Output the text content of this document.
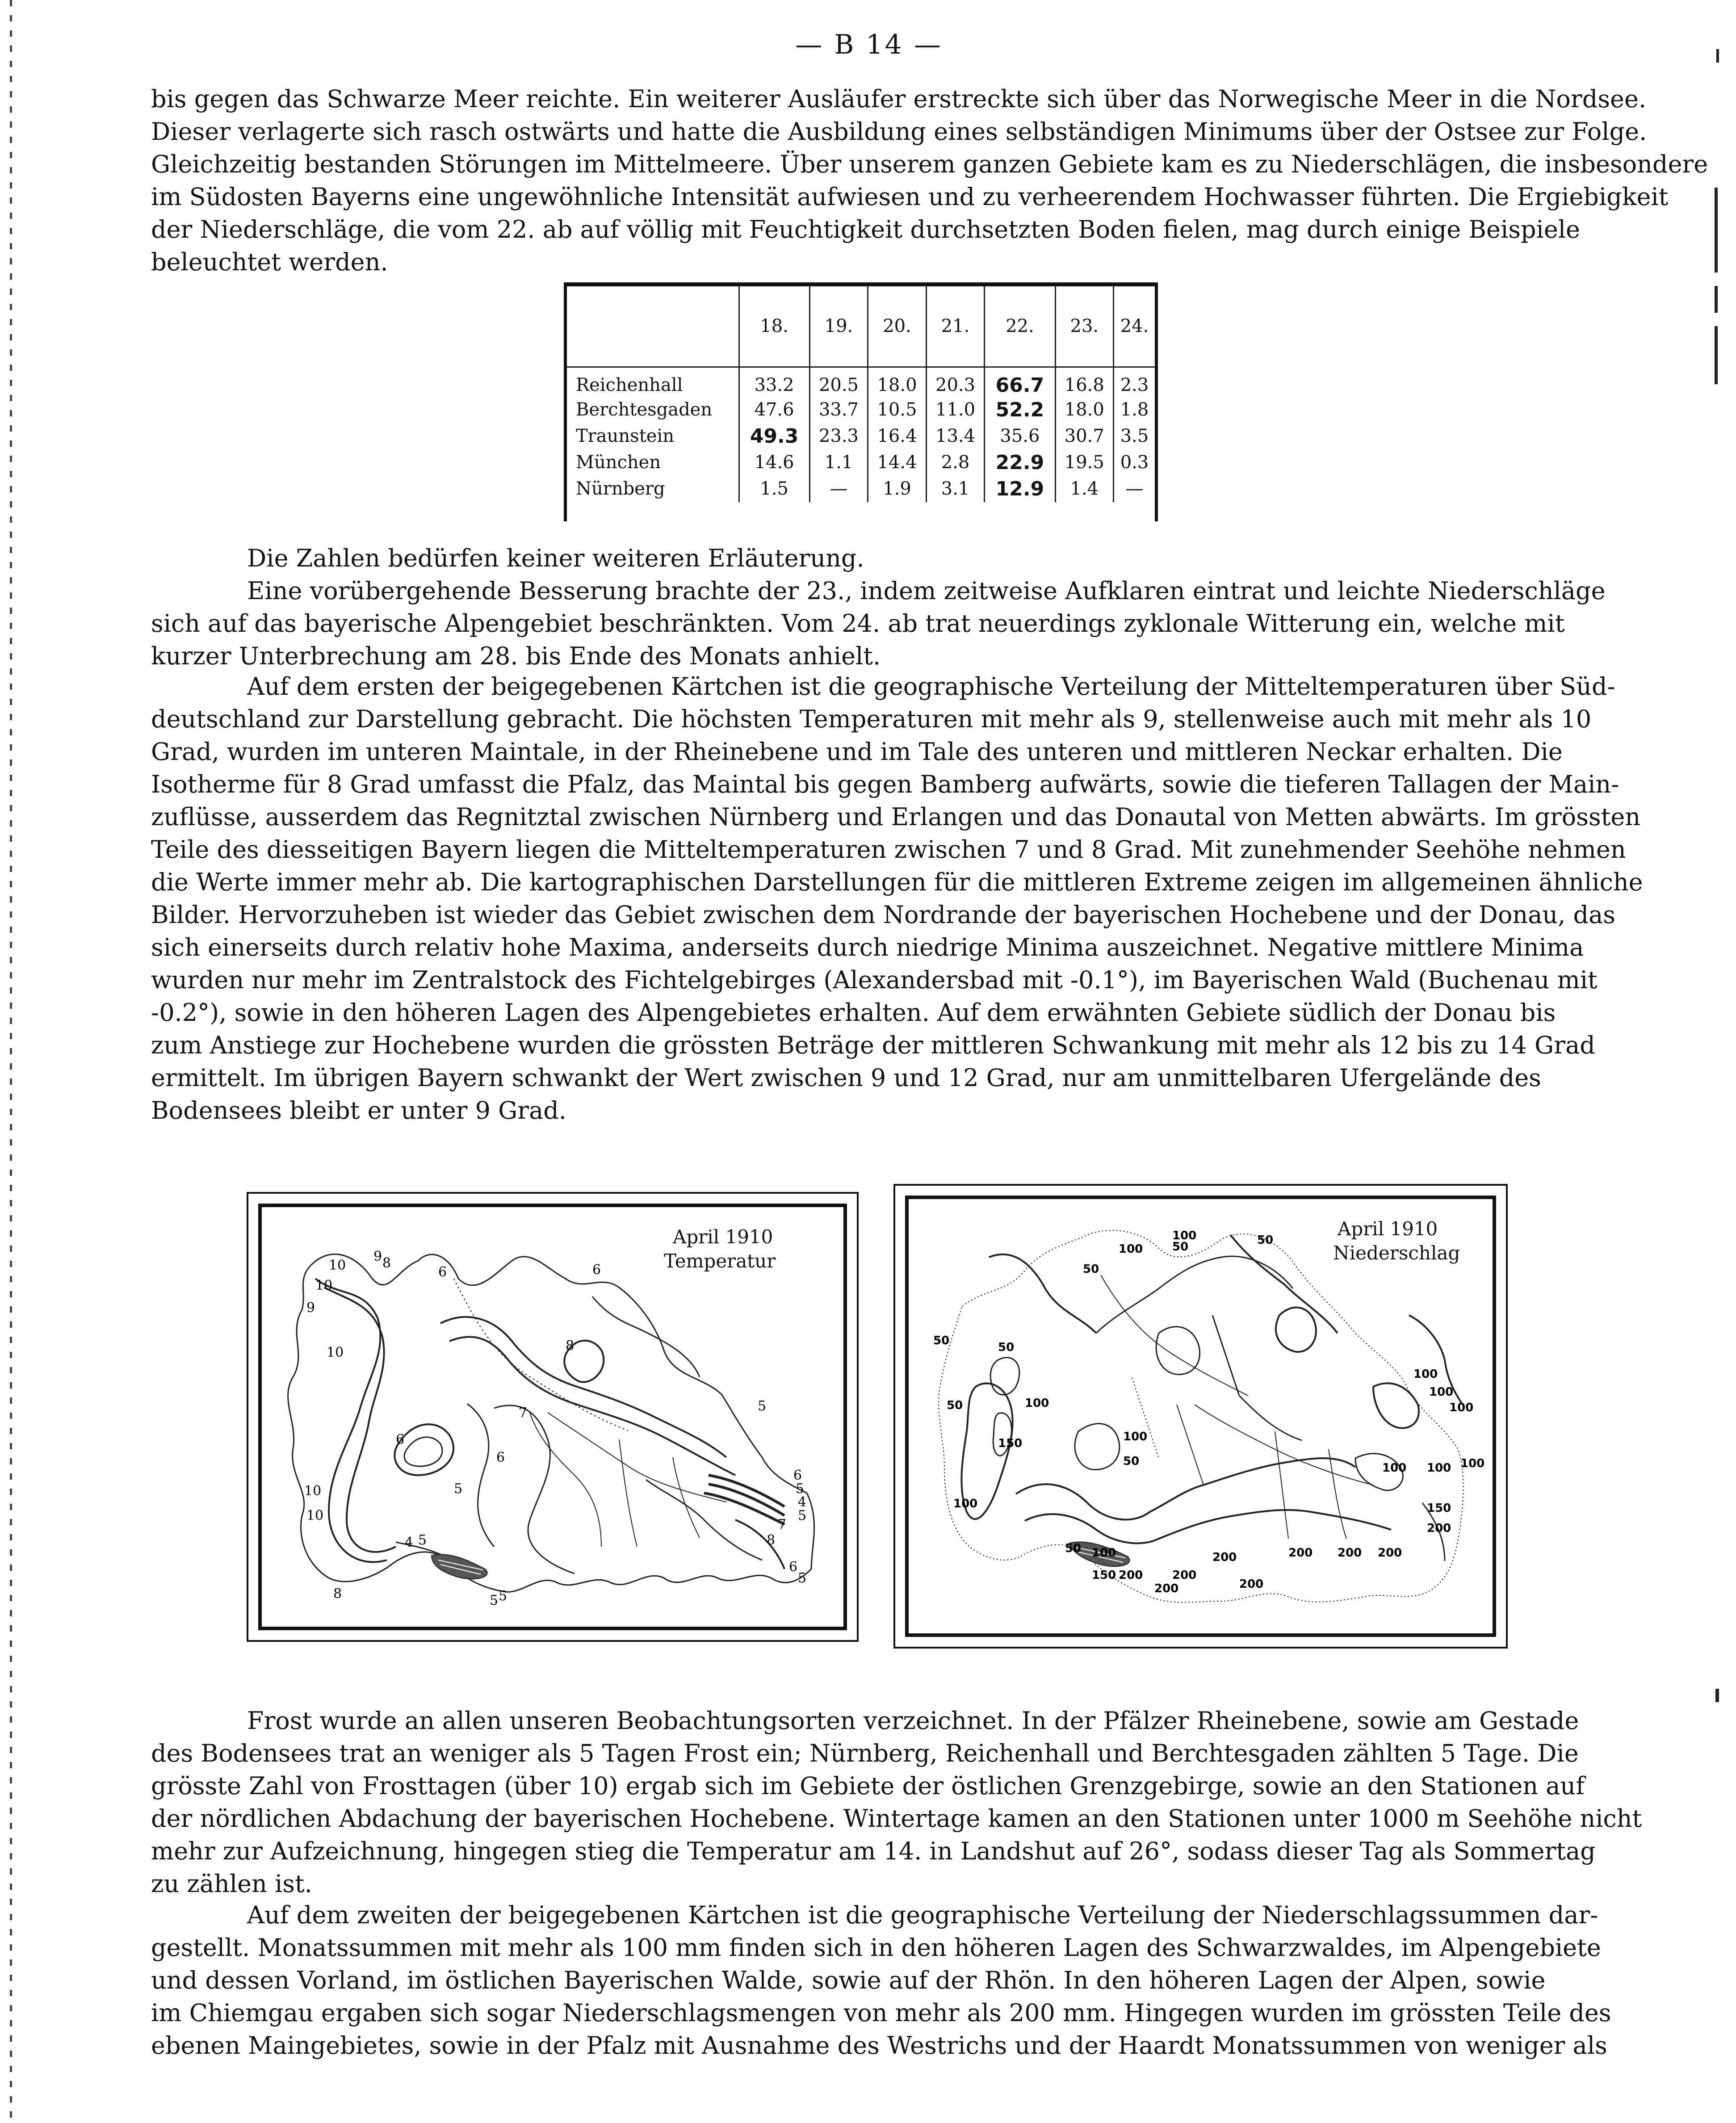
— B 14 —
bis gegen das Schwarze Meer reichte. Ein weiterer Ausläufer erstreckte sich über das Norwegische Meer in die Nordsee.
Dieser verlagerte sich rasch ostwärts und hatte die Ausbildung eines selbständigen Minimums über der Ostsee zur Folge.
Gleichzeitig bestanden Störungen im Mittelmeere. Über unserem ganzen Gebiete kam es zu Niederschlägen, die insbesondere
im Südosten Bayerns eine ungewöhnliche Intensität aufwiesen und zu verheerendem Hochwasser führten. Die Ergiebigkeit
der Niederschläge, die vom 22. ab auf völlig mit Feuchtigkeit durchsetzten Boden fielen, mag durch einige Beispiele
beleuchtet werden.
	18.	19.	20.	21.	22.	23.	24.
Reichenhall	33.2	20.5	18.0	20.3	66.7	16.8	2.3
Berchtesgaden	47.6	33.7	10.5	11.0	52.2	18.0	1.8
Traunstein	49.3	23.3	16.4	13.4	35.6	30.7	3.5
München	14.6	1.1	14.4	2.8	22.9	19.5	0.3
Nürnberg	1.5	—	1.9	3.1	12.9	1.4	—
Die Zahlen bedürfen keiner weiteren Erläuterung.
Eine vorübergehende Besserung brachte der 23., indem zeitweise Aufklaren eintrat und leichte Niederschläge
sich auf das bayerische Alpengebiet beschränkten. Vom 24. ab trat neuerdings zyklonale Witterung ein, welche mit
kurzer Unterbrechung am 28. bis Ende des Monats anhielt.
Auf dem ersten der beigegebenen Kärtchen ist die geographische Verteilung der Mitteltemperaturen über Süd-
deutschland zur Darstellung gebracht. Die höchsten Temperaturen mit mehr als 9, stellenweise auch mit mehr als 10
Grad, wurden im unteren Maintale, in der Rheinebene und im Tale des unteren und mittleren Neckar erhalten. Die
Isotherme für 8 Grad umfasst die Pfalz, das Maintal bis gegen Bamberg aufwärts, sowie die tieferen Tallagen der Main-
zuflüsse, ausserdem das Regnitztal zwischen Nürnberg und Erlangen und das Donautal von Metten abwärts. Im grössten
Teile des diesseitigen Bayern liegen die Mitteltemperaturen zwischen 7 und 8 Grad. Mit zunehmender Seehöhe nehmen
die Werte immer mehr ab. Die kartographischen Darstellungen für die mittleren Extreme zeigen im allgemeinen ähnliche
Bilder. Hervorzuheben ist wieder das Gebiet zwischen dem Nordrande der bayerischen Hochebene und der Donau, das
sich einerseits durch relativ hohe Maxima, anderseits durch niedrige Minima auszeichnet. Negative mittlere Minima
wurden nur mehr im Zentralstock des Fichtelgebirges (Alexandersbad mit -0.1°), im Bayerischen Wald (Buchenau mit
-0.2°), sowie in den höheren Lagen des Alpengebietes erhalten. Auf dem erwähnten Gebiete südlich der Donau bis
zum Anstiege zur Hochebene wurden die grössten Beträge der mittleren Schwankung mit mehr als 12 bis zu 14 Grad
ermittelt. Im übrigen Bayern schwankt der Wert zwischen 9 und 12 Grad, nur am unmittelbaren Ufergelände des
Bodensees bleibt er unter 9 Grad.
10
10
9
8
9
10
10
6
8
7
6
6
5
5
4
10
8	5
5
6
5
4
5
6
5
6
7
8
5
April 1910
Temperatur
100
100	50	50
50
50	50
50
100
100
100
100
100
150
100
50
100
100
50 100
150
200
100
150 200	200
200	200 200 200
200	200
April 1910
Niederschlag
Frost wurde an allen unseren Beobachtungsorten verzeichnet. In der Pfälzer Rheinebene, sowie am Gestade
des Bodensees trat an weniger als 5 Tagen Frost ein; Nürnberg, Reichenhall und Berchtesgaden zählten 5 Tage. Die
grösste Zahl von Frosttagen (über 10) ergab sich im Gebiete der östlichen Grenzgebirge, sowie an den Stationen auf
der nördlichen Abdachung der bayerischen Hochebene. Wintertage kamen an den Stationen unter 1000 m Seehöhe nicht
mehr zur Aufzeichnung, hingegen stieg die Temperatur am 14. in Landshut auf 26°, sodass dieser Tag als Sommertag
zu zählen ist.
Auf dem zweiten der beigegebenen Kärtchen ist die geographische Verteilung der Niederschlagssummen dar-
gestellt. Monatssummen mit mehr als 100 mm finden sich in den höheren Lagen des Schwarzwaldes, im Alpengebiete
und dessen Vorland, im östlichen Bayerischen Walde, sowie auf der Rhön. In den höheren Lagen der Alpen, sowie
im Chiemgau ergaben sich sogar Niederschlagsmengen von mehr als 200 mm. Hingegen wurden im grössten Teile des
ebenen Maingebietes, sowie in der Pfalz mit Ausnahme des Westrichs und der Haardt Monatssummen von weniger als
